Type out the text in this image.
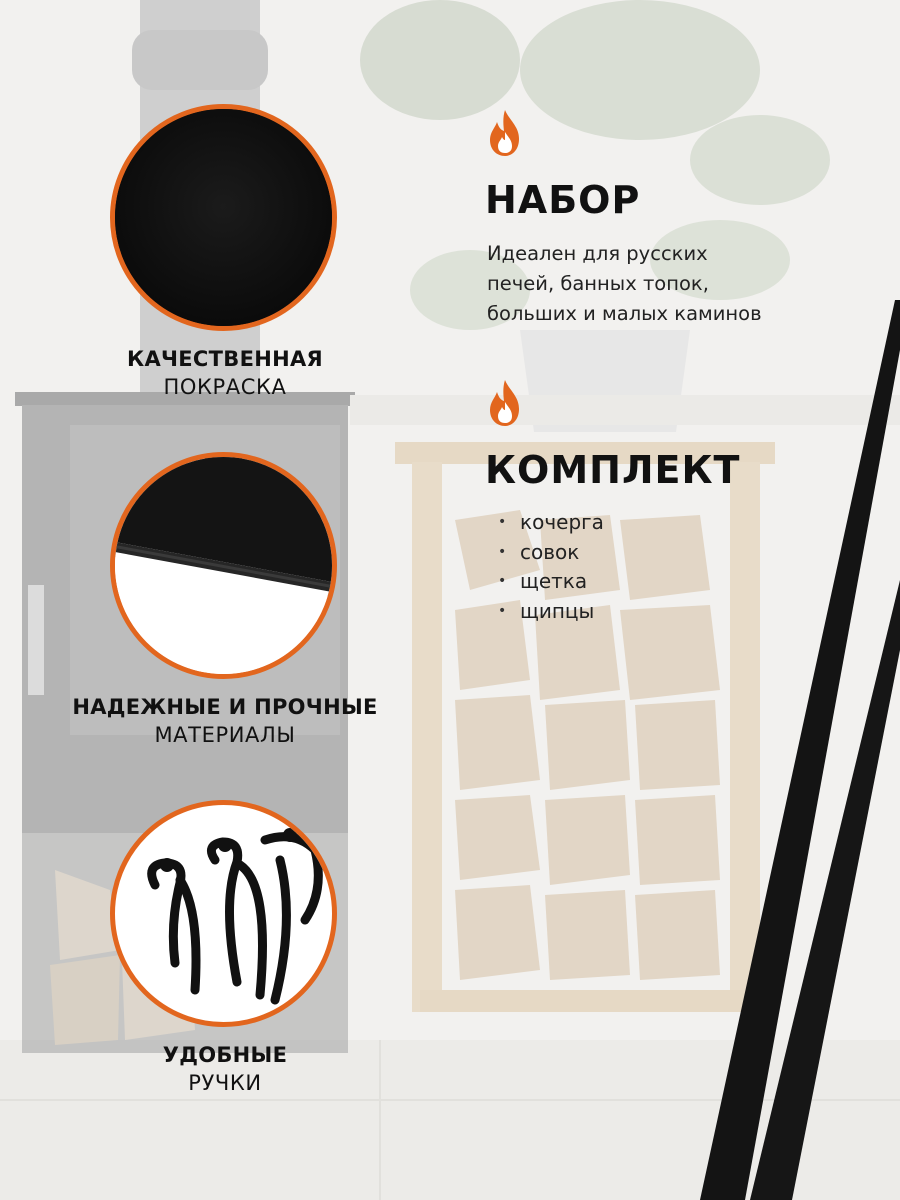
КАЧЕСТВЕННАЯ
ПОКРАСКА
НАДЕЖНЫЕ И ПРОЧНЫЕ
МАТЕРИАЛЫ
УДОБНЫЕ
РУЧКИ
НАБОР
Идеален для русских
печей, банных топок,
больших и малых каминов
КОМПЛЕКТ
• кочерга
• совок
• щетка
• щипцы
